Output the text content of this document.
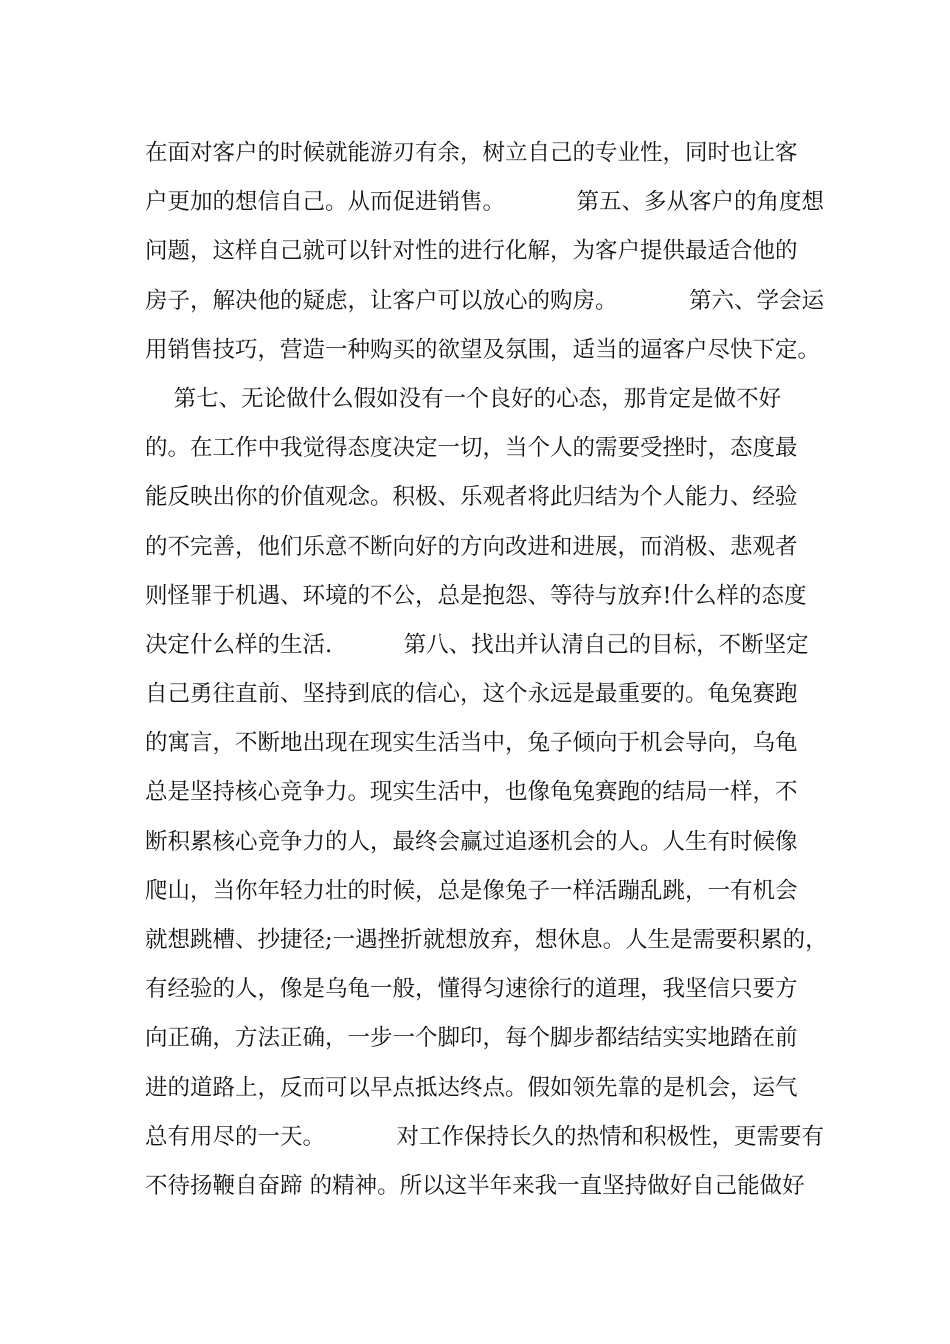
在面对客户的时候就能游刃有余，树立自己的专业性，同时也让客
户更加的想信自己。从而促进销售。          第五、多从客户的角度想
问题，这样自己就可以针对性的进行化解，为客户提供最适合他的
房子，解决他的疑虑，让客户可以放心的购房。          第六、学会运
用销售技巧，营造一种购买的欲望及氛围，适当的逼客户尽快下定。
第七、无论做什么假如没有一个良好的心态，那肯定是做不好
的。在工作中我觉得态度决定一切，当个人的需要受挫时，态度最
能反映出你的价值观念。积极、乐观者将此归结为个人能力、经验
的不完善，他们乐意不断向好的方向改进和进展，而消极、悲观者
则怪罪于机遇、环境的不公，总是抱怨、等待与放弃!什么样的态度
决定什么样的生活.          第八、找出并认清自己的目标，不断坚定
自己勇往直前、坚持到底的信心，这个永远是最重要的。龟兔赛跑
的寓言，不断地出现在现实生活当中，兔子倾向于机会导向，乌龟
总是坚持核心竞争力。现实生活中，也像龟兔赛跑的结局一样，不
断积累核心竞争力的人，最终会赢过追逐机会的人。人生有时候像
爬山，当你年轻力壮的时候，总是像兔子一样活蹦乱跳，一有机会
就想跳槽、抄捷径;一遇挫折就想放弃，想休息。人生是需要积累的，
有经验的人，像是乌龟一般，懂得匀速徐行的道理，我坚信只要方
向正确，方法正确，一步一个脚印，每个脚步都结结实实地踏在前
进的道路上，反而可以早点抵达终点。假如领先靠的是机会，运气
总有用尽的一天。          对工作保持长久的热情和积极性，更需要有
不待扬鞭自奋蹄 的精神。所以这半年来我一直坚持做好自己能做好
